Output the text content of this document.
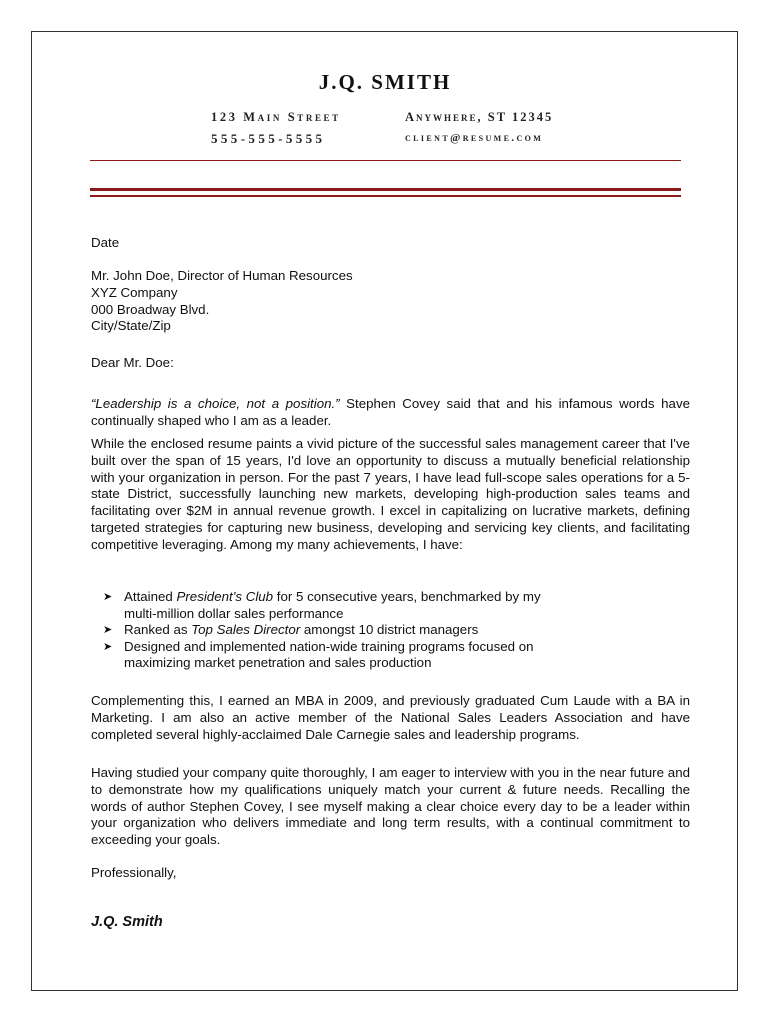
J.Q. SMITH
123 Main Street	Anywhere, ST 12345
555-555-5555	client@resume.com
Date

Mr. John Doe, Director of Human Resources

XYZ Company

000 Broadway Blvd.

City/State/Zip

Dear Mr. Doe:
“Leadership is a choice, not a position.” Stephen Covey said that and his infamous words have continually shaped who I am as a leader.
While the enclosed resume paints a vivid picture of the successful sales management career that I've built over the span of 15 years, I'd love an opportunity to discuss a mutually beneficial relationship with your organization in person. For the past 7 years, I have lead full-scope sales operations for a 5-state District, successfully launching new markets, developing high-production sales teams and facilitating over $2M in annual revenue growth. I excel in capitalizing on lucrative markets, defining targeted strategies for capturing new business, developing and servicing key clients, and facilitating competitive leveraging. Among my many achievements, I have:
➤ Attained President’s Club for 5 consecutive years, benchmarked by my multi-million dollar sales performance
➤ Ranked as Top Sales Director amongst 10 district managers
➤ Designed and implemented nation-wide training programs focused on maximizing market penetration and sales production
Complementing this, I earned an MBA in 2009, and previously graduated Cum Laude with a BA in Marketing. I am also an active member of the National Sales Leaders Association and have completed several highly-acclaimed Dale Carnegie sales and leadership programs.
Having studied your company quite thoroughly, I am eager to interview with you in the near future and to demonstrate how my qualifications uniquely match your current & future needs. Recalling the words of author Stephen Covey, I see myself making a clear choice every day to be a leader within your organization who delivers immediate and long term results, with a continual commitment to exceeding your goals.
Professionally,
J.Q. Smith
